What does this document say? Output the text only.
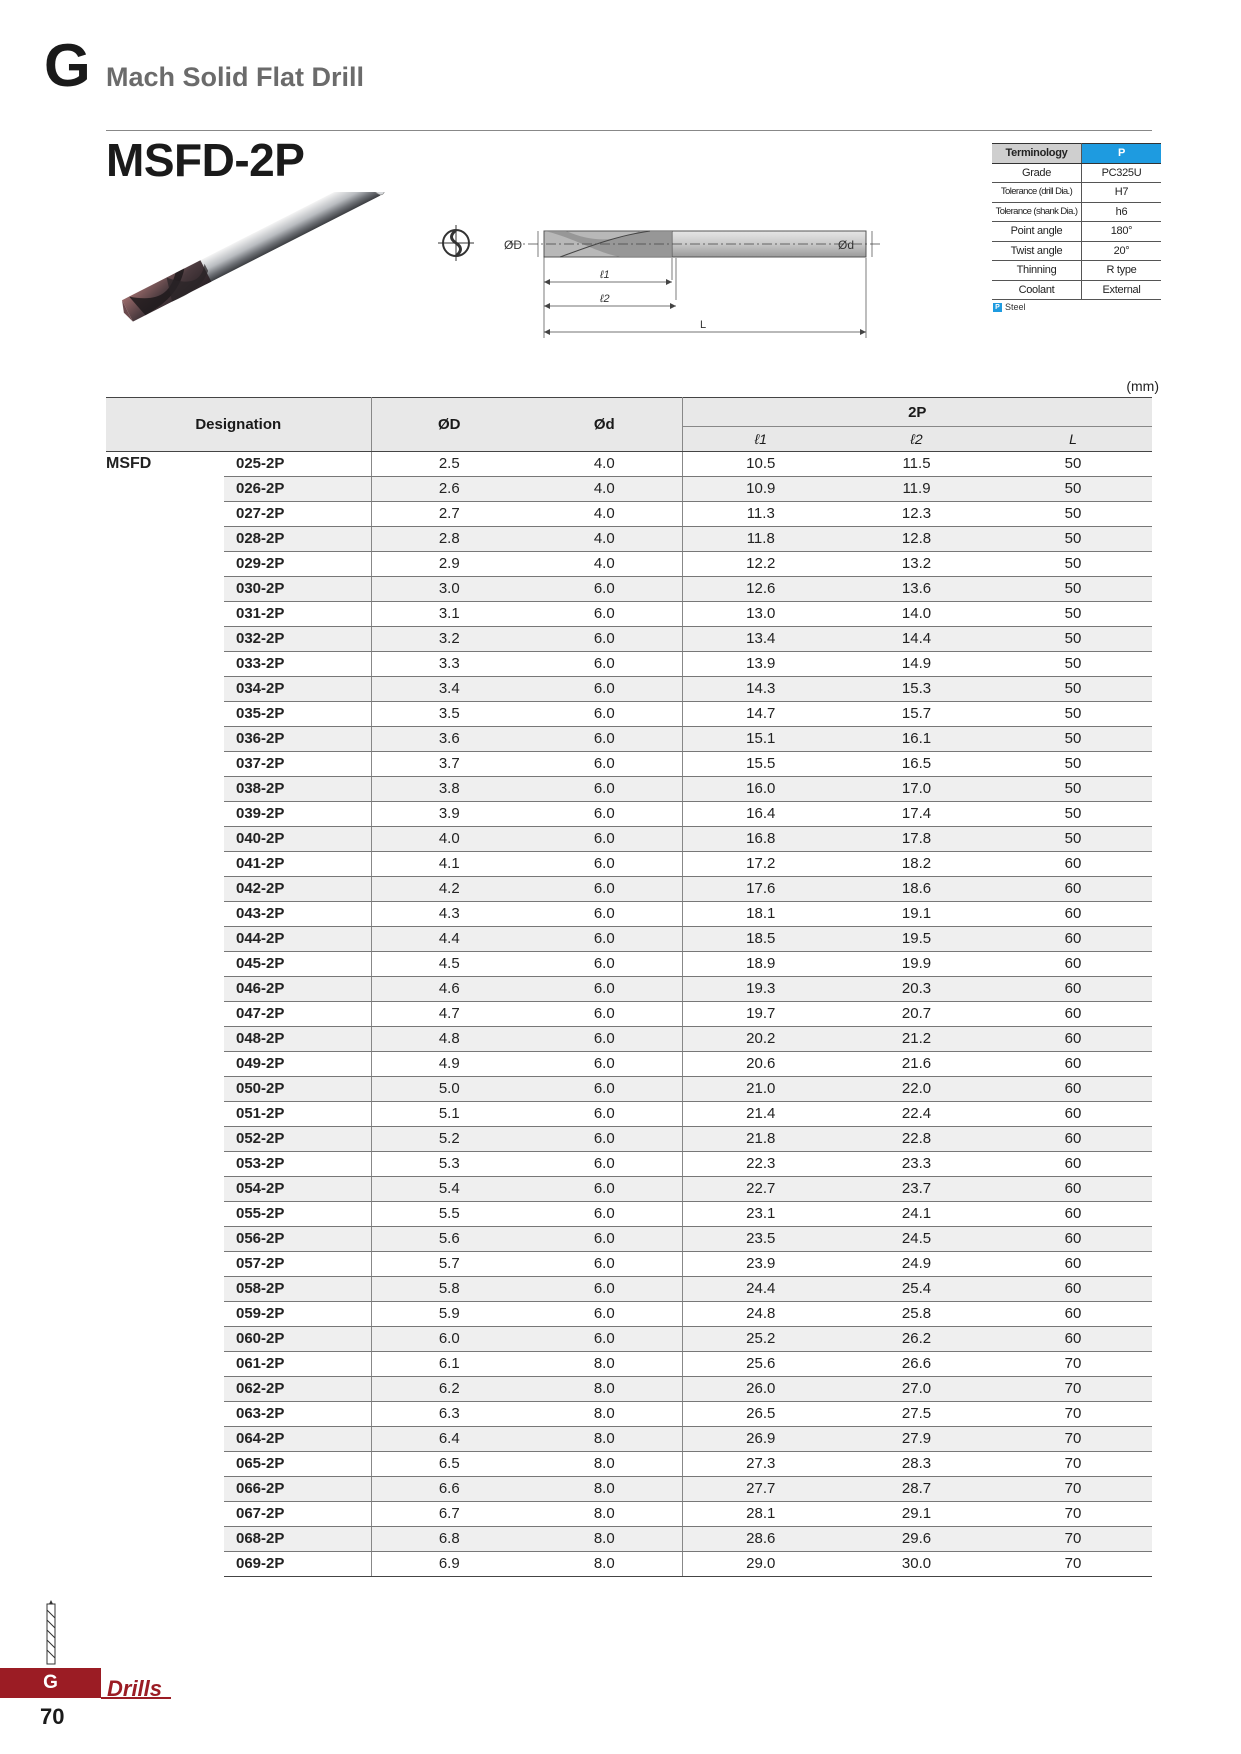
G Mach Solid Flat Drill
MSFD-2P
ØD	Ød
ℓ1
ℓ2
L
Terminology	P
Grade	PC325U
Tolerance (drill Dia.)	H7
Tolerance (shank Dia.)	h6
Point angle	180°
Twist angle	20°
Thinning	R type
Coolant	External
P Steel
(mm)
Designation		ØD	Ød	2P		
				ℓ1	ℓ2	L
MSFD	025-2P	2.5	4.0	10.5	11.5	50
	026-2P	2.6	4.0	10.9	11.9	50
	027-2P	2.7	4.0	11.3	12.3	50
	028-2P	2.8	4.0	11.8	12.8	50
	029-2P	2.9	4.0	12.2	13.2	50
	030-2P	3.0	6.0	12.6	13.6	50
	031-2P	3.1	6.0	13.0	14.0	50
	032-2P	3.2	6.0	13.4	14.4	50
	033-2P	3.3	6.0	13.9	14.9	50
	034-2P	3.4	6.0	14.3	15.3	50
	035-2P	3.5	6.0	14.7	15.7	50
	036-2P	3.6	6.0	15.1	16.1	50
	037-2P	3.7	6.0	15.5	16.5	50
	038-2P	3.8	6.0	16.0	17.0	50
	039-2P	3.9	6.0	16.4	17.4	50
	040-2P	4.0	6.0	16.8	17.8	50
	041-2P	4.1	6.0	17.2	18.2	60
	042-2P	4.2	6.0	17.6	18.6	60
	043-2P	4.3	6.0	18.1	19.1	60
	044-2P	4.4	6.0	18.5	19.5	60
	045-2P	4.5	6.0	18.9	19.9	60
	046-2P	4.6	6.0	19.3	20.3	60
	047-2P	4.7	6.0	19.7	20.7	60
	048-2P	4.8	6.0	20.2	21.2	60
	049-2P	4.9	6.0	20.6	21.6	60
	050-2P	5.0	6.0	21.0	22.0	60
	051-2P	5.1	6.0	21.4	22.4	60
	052-2P	5.2	6.0	21.8	22.8	60
	053-2P	5.3	6.0	22.3	23.3	60
	054-2P	5.4	6.0	22.7	23.7	60
	055-2P	5.5	6.0	23.1	24.1	60
	056-2P	5.6	6.0	23.5	24.5	60
	057-2P	5.7	6.0	23.9	24.9	60
	058-2P	5.8	6.0	24.4	25.4	60
	059-2P	5.9	6.0	24.8	25.8	60
	060-2P	6.0	6.0	25.2	26.2	60
	061-2P	6.1	8.0	25.6	26.6	70
	062-2P	6.2	8.0	26.0	27.0	70
	063-2P	6.3	8.0	26.5	27.5	70
	064-2P	6.4	8.0	26.9	27.9	70
	065-2P	6.5	8.0	27.3	28.3	70
	066-2P	6.6	8.0	27.7	28.7	70
	067-2P	6.7	8.0	28.1	29.1	70
	068-2P	6.8	8.0	28.6	29.6	70
	069-2P	6.9	8.0	29.0	30.0	70
G	Drills
70
